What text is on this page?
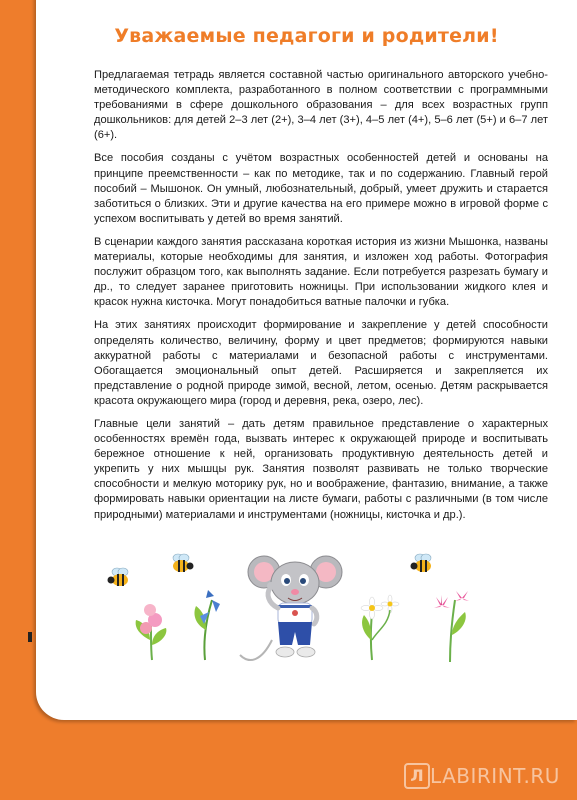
Уважаемые педагоги и родители!

Предлагаемая тетрадь является составной частью оригинального авторского учебно-методического комплекта, разработанного в полном соответствии с программными требованиями в сфере дошкольного образования – для всех возрастных групп дошкольников: для детей 2–3 лет (2+), 3–4 лет (3+), 4–5 лет (4+), 5–6 лет (5+) и 6–7 лет (6+).

Все пособия созданы с учётом возрастных особенностей детей и основаны на принципе преемственности – как по методике, так и по содержанию. Главный герой пособий – Мышонок. Он умный, любознательный, добрый, умеет дружить и старается заботиться о близких. Эти и другие качества на его примере можно в игровой форме с успехом воспитывать у детей во время занятий.

В сценарии каждого занятия рассказана короткая история из жизни Мышонка, названы материалы, которые необходимы для занятия, и изложен ход работы. Фотография послужит образцом того, как выполнять задание. Если потребуется разрезать бумагу и др., то следует заранее приготовить ножницы. При использовании жидкого клея и красок нужна кисточка. Могут понадобиться ватные палочки и губка.

На этих занятиях происходит формирование и закрепление у детей способности определять количество, величину, форму и цвет предметов; формируются навыки аккуратной работы с материалами и безопасной работы с инструментами. Обогащается эмоциональный опыт детей. Расширяется и закрепляется их представление о родной природе зимой, весной, летом, осенью. Детям раскрывается красота окружающего мира (город и деревня, река, озеро, лес).

Главные цели занятий – дать детям правильное представление о характерных особенностях времён года, вызвать интерес к окружающей природе и воспитывать бережное отношение к ней, организовать продуктивную деятельность детей и укрепить у них мышцы рук. Занятия позволят развивать не только творческие способности и мелкую моторику рук, но и воображение, фантазию, внимание, а также формировать навыки ориентации на листе бумаги, работы с различными (в том числе природными) материалами и инструментами (ножницы, кисточка и др.).

Л LABIRINT.RU
